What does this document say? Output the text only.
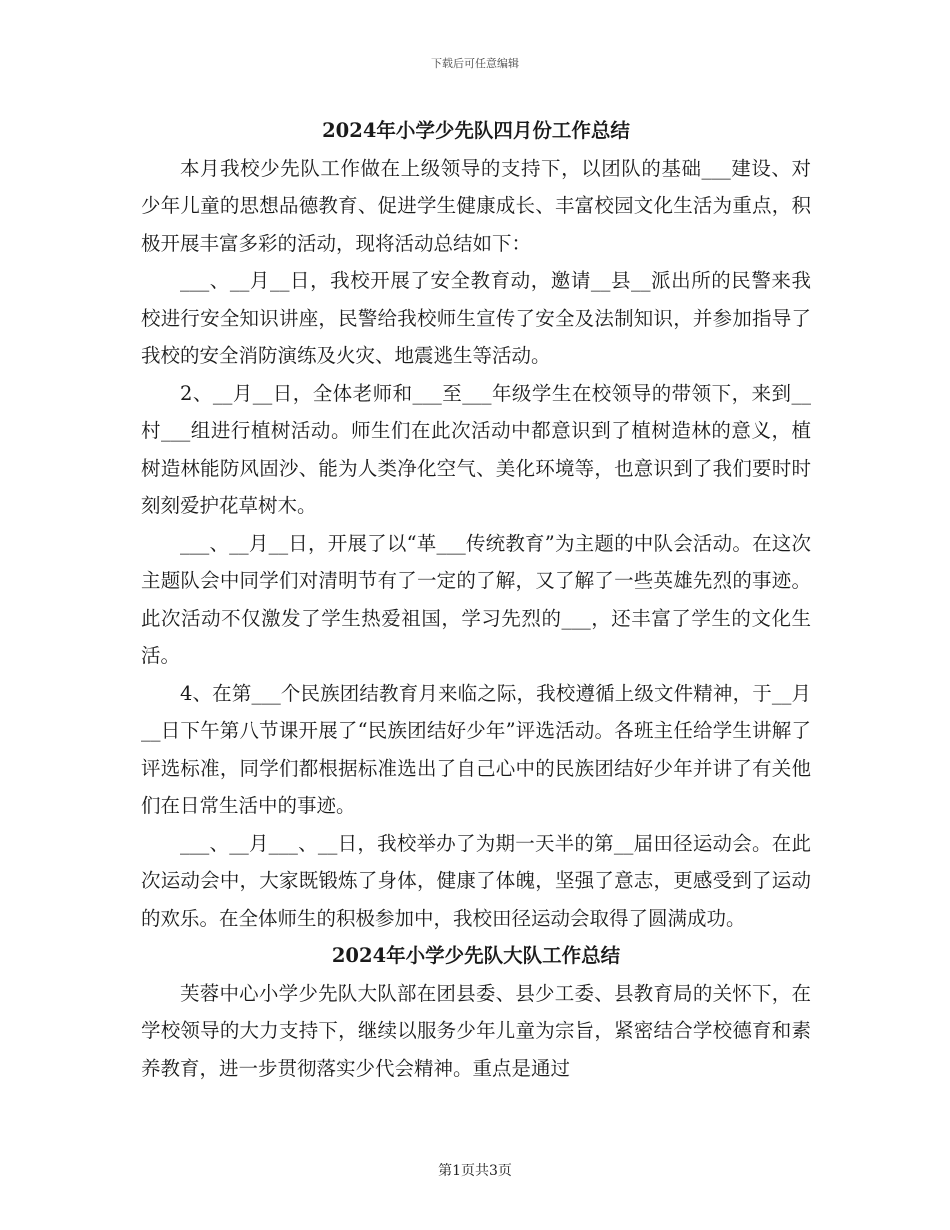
下载后可任意编辑

2024年小学少先队四月份工作总结

本月我校少先队工作做在上级领导的支持下，以团队的基础___建设、对少年儿童的思想品德教育、促进学生健康成长、丰富校园文化生活为重点，积极开展丰富多彩的活动，现将活动总结如下：

___、__月__日，我校开展了安全教育动，邀请__县__派出所的民警来我校进行安全知识讲座，民警给我校师生宣传了安全及法制知识，并参加指导了我校的安全消防演练及火灾、地震逃生等活动。

2、__月__日，全体老师和___至___年级学生在校领导的带领下，来到__村___组进行植树活动。师生们在此次活动中都意识到了植树造林的意义，植树造林能防风固沙、能为人类净化空气、美化环境等，也意识到了我们要时时刻刻爱护花草树木。

___、__月__日，开展了以“革___传统教育”为主题的中队会活动。在这次主题队会中同学们对清明节有了一定的了解，又了解了一些英雄先烈的事迹。此次活动不仅激发了学生热爱祖国，学习先烈的___，还丰富了学生的文化生活。

4、在第___个民族团结教育月来临之际，我校遵循上级文件精神，于__月__日下午第八节课开展了“民族团结好少年”评选活动。各班主任给学生讲解了评选标准，同学们都根据标准选出了自己心中的民族团结好少年并讲了有关他们在日常生活中的事迹。

___、__月___、__日，我校举办了为期一天半的第__届田径运动会。在此次运动会中，大家既锻炼了身体，健康了体魄，坚强了意志，更感受到了运动的欢乐。在全体师生的积极参加中，我校田径运动会取得了圆满成功。

2024年小学少先队大队工作总结

芙蓉中心小学少先队大队部在团县委、县少工委、县教育局的关怀下，在学校领导的大力支持下，继续以服务少年儿童为宗旨，紧密结合学校德育和素养教育，进一步贯彻落实少代会精神。重点是通过

第1页共3页
